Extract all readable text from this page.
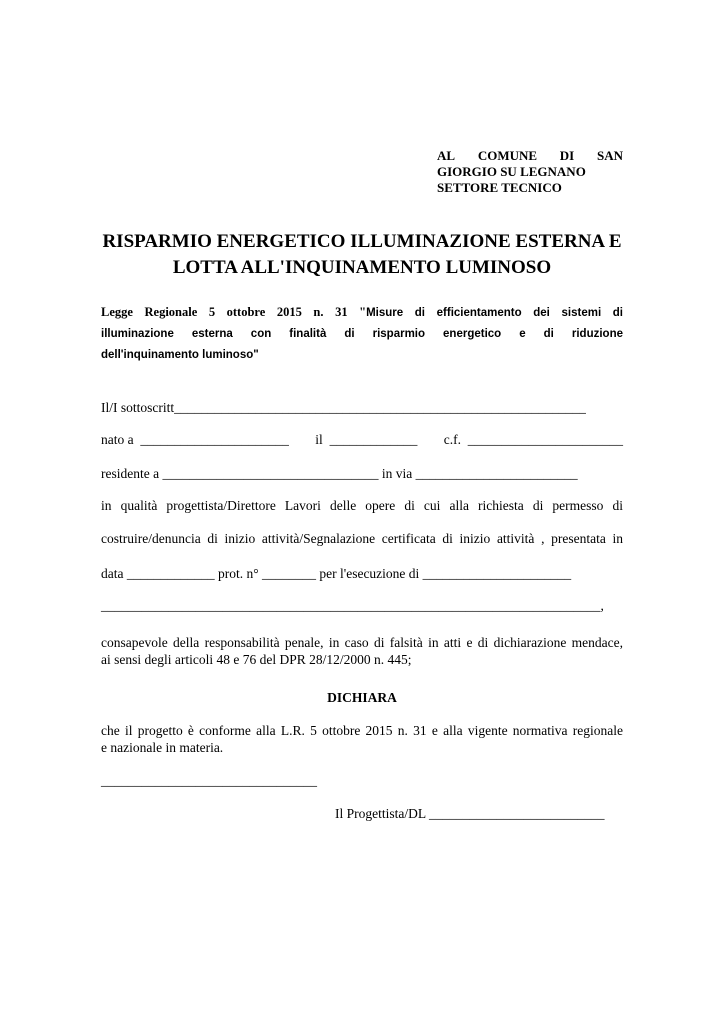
AL COMUNE DI SAN
GIORGIO SU LEGNANO
SETTORE TECNICO
RISPARMIO ENERGETICO ILLUMINAZIONE ESTERNA E
LOTTA ALL'INQUINAMENTO LUMINOSO
Legge Regionale 5 ottobre 2015 n. 31 "Misure di efficientamento dei sistemi di
illuminazione esterna con finalità di risparmio energetico e di riduzione
dell'inquinamento luminoso"
Il/I sottoscritt_____________________________________________________________
nato a ______________________ il _____________ c.f. _______________________
residente a ________________________________ in via ________________________
in qualità progettista/Direttore Lavori delle opere di cui alla richiesta di permesso di
costruire/denuncia di inizio attività/Segnalazione certificata di inizio attività , presentata in
data _____________ prot. n° ________ per l'esecuzione di ______________________
__________________________________________________________________________,
consapevole della responsabilità penale, in caso di falsità in atti e di dichiarazione mendace,
ai sensi degli articoli 48 e 76 del DPR 28/12/2000 n. 445;
DICHIARA
che il progetto è conforme alla L.R. 5 ottobre 2015 n. 31 e alla vigente normativa regionale
e nazionale in materia.
________________________________
Il Progettista/DL __________________________
